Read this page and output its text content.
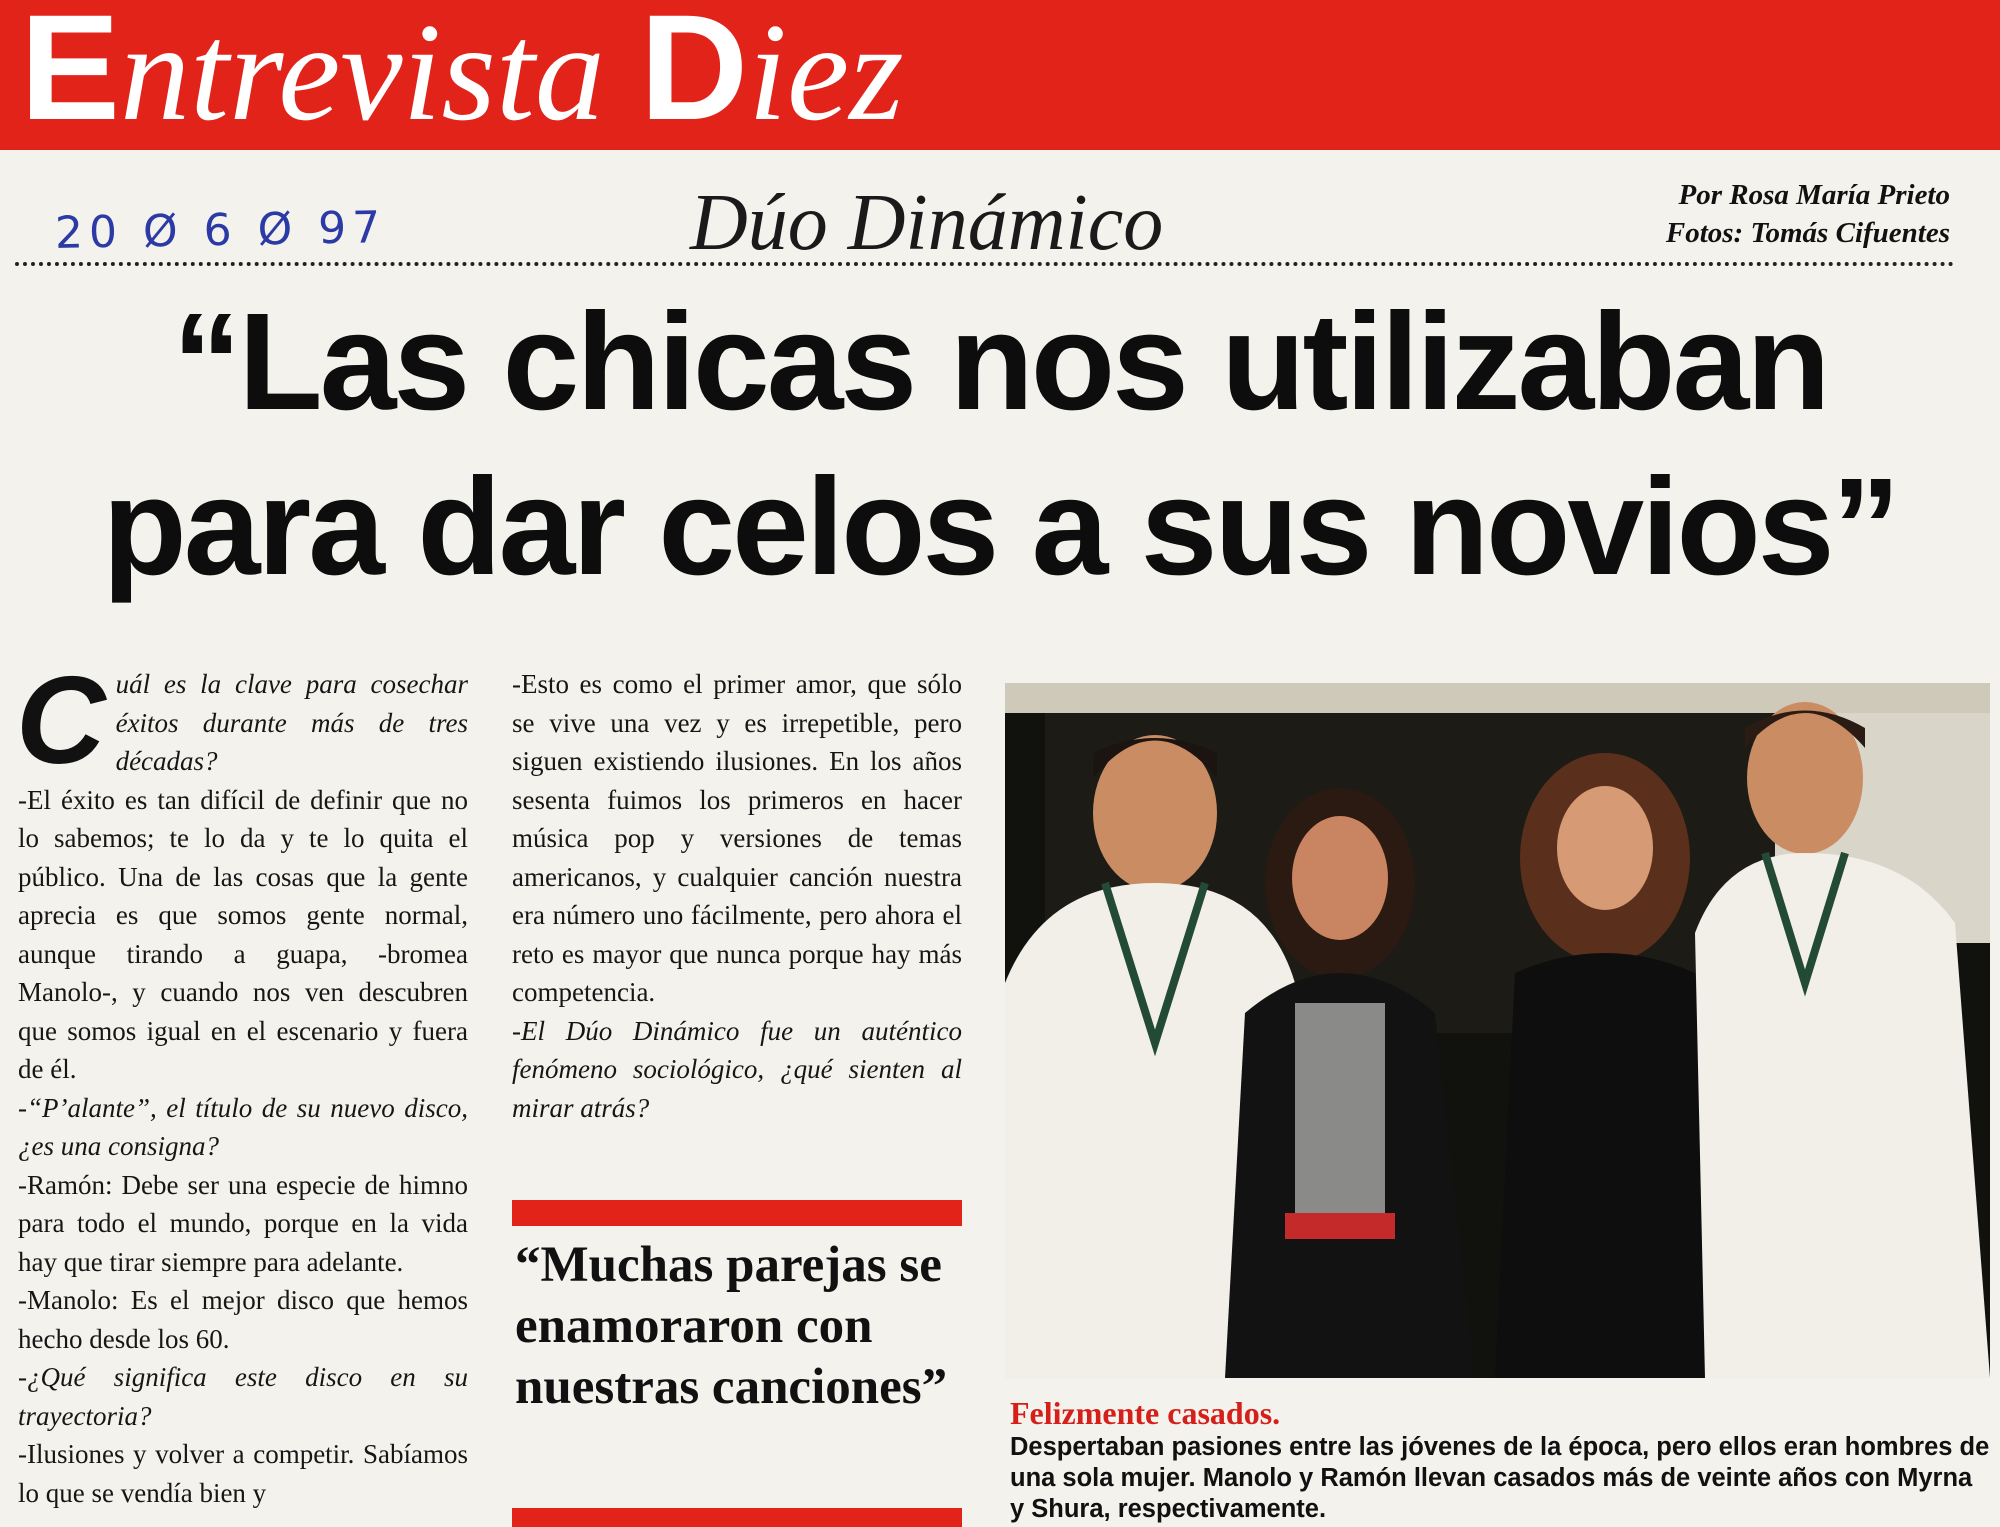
Entrevista Diez
20 Ø 6 Ø 97	Dúo Dinámico	Por Rosa María Prieto
Fotos: Tomás Cifuentes
“Las chicas nos utilizaban
para dar celos a sus novios”

Cuál es la clave para cosechar éxitos durante más de tres décadas?

-El éxito es tan difícil de definir que no lo sabemos; te lo da y te lo quita el público. Una de las cosas que la gente aprecia es que somos gente normal, aunque tirando a guapa, -bromea Manolo-, y cuando nos ven descubren que somos igual en el escenario y fuera de él.

-“P’alante”, el título de su nuevo disco, ¿es una consigna?

-Ramón: Debe ser una especie de himno para todo el mundo, porque en la vida hay que tirar siempre para adelante.

-Manolo: Es el mejor disco que hemos hecho desde los 60.

-¿Qué significa este disco en su trayectoria?

-Ilusiones y volver a competir. Sabíamos lo que se vendía bien y

-Esto es como el primer amor, que sólo se vive una vez y es irrepetible, pero siguen existiendo ilusiones. En los años sesenta fuimos los primeros en hacer música pop y versiones de temas americanos, y cualquier canción nuestra era número uno fácilmente, pero ahora el reto es mayor que nunca porque hay más competencia.

-El Dúo Dinámico fue un auténtico fenómeno sociológico, ¿qué sienten al mirar atrás?

“Muchas parejas se enamoraron con nuestras canciones”	Felizmente casados.
Despertaban pasiones entre las jóvenes de la época, pero ellos eran hombres de una sola mujer. Manolo y Ramón llevan casados más de veinte años con Myrna y Shura, respectivamente.
